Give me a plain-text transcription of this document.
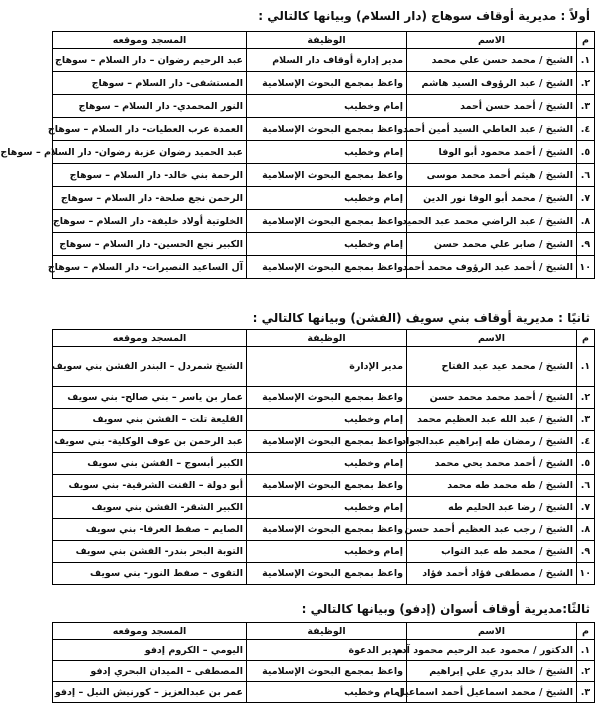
أولاً : مديرية أوقاف سوهاج (دار السلام) وبيانها كالتالي :
م	الاسم	الوظيفة	المسجد وموقعه
١.	الشيخ / محمد حسن علي محمد	مدير إدارة أوقاف دار السلام	عبد الرحيم رضوان – دار السلام – سوهاج
٢.	الشيخ / عبد الرؤوف السيد هاشم	واعظ بمجمع البحوث الإسلامية	المستشفى- دار السلام – سوهاج
٣.	الشيخ / أحمد حسن أحمد	إمام وخطيب	النور المحمدي- دار السلام – سوهاج
٤.	الشيخ / عبد العاطي السيد أمين أحمد	واعظ بمجمع البحوث الإسلامية	العمدة عرب العطيات- دار السلام – سوهاج
٥.	الشيخ / أحمد محمود أبو الوفا	إمام وخطيب	عبد الحميد رضوان عزبة رضوان- دار السلام – سوهاج
٦.	الشيخ / هيثم أحمد محمد موسى	واعظ بمجمع البحوث الإسلامية	الرحمة بني خالد- دار السلام – سوهاج
٧.	الشيخ / محمد أبو الوفا نور الدين	إمام وخطيب	الرحمن نجع صلحة- دار السلام – سوهاج
٨.	الشيخ / عبد الراضي محمد عبد الحميد	واعظ بمجمع البحوث الإسلامية	الخلوتية أولاد خليفة- دار السلام – سوهاج
٩.	الشيخ / صابر علي محمد حسن	إمام وخطيب	الكبير نجع الحسين- دار السلام – سوهاج
١٠	الشيخ / أحمد عبد الرؤوف محمد أحمد	واعظ بمجمع البحوث الإسلامية	آل الساعيد النصيرات- دار السلام – سوهاج
ثانيًا : مديرية أوقاف بني سويف (الفشن) وبيانها كالتالي :
م	الاسم	الوظيفة	المسجد وموقعه
١.	الشيخ / محمد عيد عبد الفتاح	مدير الإدارة	الشيخ شمردل – البندر الفشن بني سويف
٢.	الشيخ / أحمد محمد محمد حسن	واعظ بمجمع البحوث الإسلامية	عمار بن ياسر – بني صالح- بني سويف
٣.	الشيخ / عبد الله عبد العظيم محمد	إمام وخطيب	القليعة تلت – الفشن بني سويف
٤.	الشيخ / رمضان طه إبراهيم عبدالجواد	واعظ بمجمع البحوث الإسلامية	عبد الرحمن بن عوف الوكلية- بني سويف
٥.	الشيخ / أحمد محمد يحي محمد	إمام وخطيب	الكبير أبسوج – الفشن بني سويف
٦.	الشيخ / طه محمد طه محمد	واعظ بمجمع البحوث الإسلامية	أبو دولة – الفنت الشرقية- بني سويف
٧.	الشيخ / رضا عبد الحليم طه	إمام وخطيب	الكبير الشقر- الفشن بني سويف
٨.	الشيخ / رجب عبد العظيم أحمد حسن	واعظ بمجمع البحوث الإسلامية	الصايم – صفط العرفا- بني سويف
٩.	الشيخ / محمد طه عبد التواب	إمام وخطيب	التوبة البحر بندر- الفشن بني سويف
١٠	الشيخ / مصطفى فؤاد أحمد فؤاد	واعظ بمجمع البحوث الإسلامية	التقوى – صفط النور- بني سويف
ثالثًا:مديرية أوقاف أسوان (إدفو) وبيانها كالتالي :
م	الاسم	الوظيفة	المسجد وموقعه
١.	الدكتور / محمود عبد الرحيم محمود آدم	مدير الدعوة	اليومي – الكروم إدفو
٢.	الشيخ / خالد بدري علي إبراهيم	واعظ بمجمع البحوث الإسلامية	المصطفى – الميدان البحري إدفو
٣.	الشيخ / محمد اسماعيل أحمد اسماعيل	إمام وخطيب	عمر بن عبدالعزيز – كورنيش النيل – إدفو
